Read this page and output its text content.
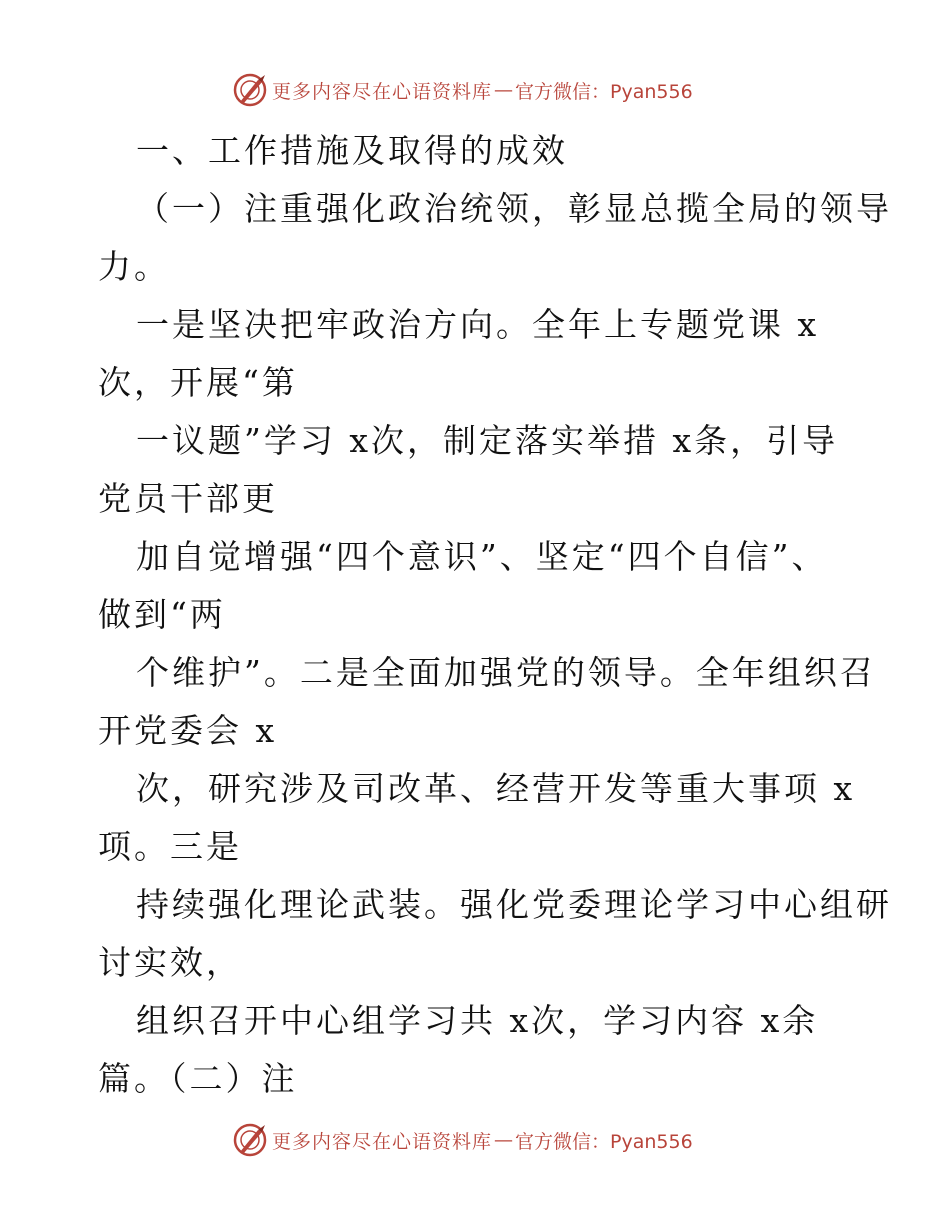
更多内容尽在心语资料库 — 官方微信：Pyan556
一、工作措施及取得的成效
（一）注重强化政治统领，彰显总揽全局的领导
力。
一是坚决把牢政治方向。全年上专题党课 x
次，开展“第
一议题”学习 x次，制定落实举措 x条，引导
党员干部更
加自觉增强“四个意识”、坚定“四个自信”、
做到“两
个维护”。二是全面加强党的领导。全年组织召
开党委会 x
次，研究涉及司改革、经营开发等重大事项 x
项。三是
持续强化理论武装。强化党委理论学习中心组研
讨实效，
组织召开中心组学习共 x次，学习内容 x余
篇。（二）注
更多内容尽在心语资料库 — 官方微信：Pyan556
